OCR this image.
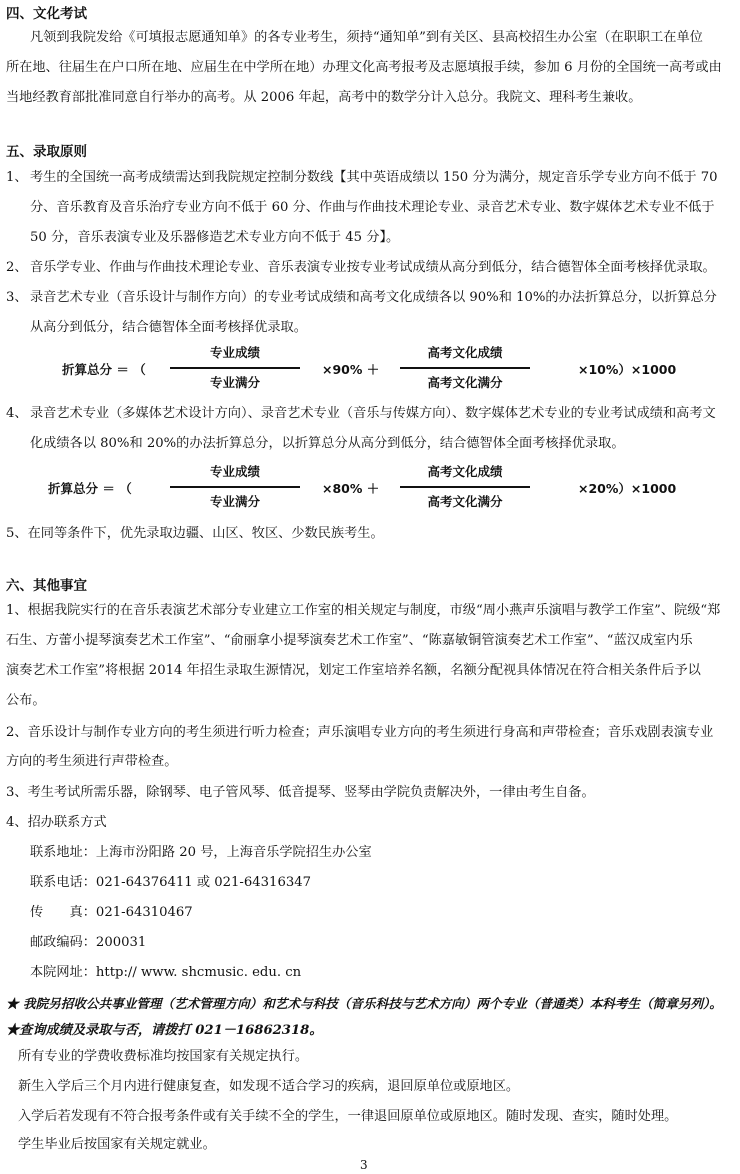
四、文化考试
凡领到我院发给《可填报志愿通知单》的各专业考生，须持“通知单”到有关区、县高校招生办公室（在职职工在单位
所在地、往届生在户口所在地、应届生在中学所在地）办理文化高考报考及志愿填报手续，参加 6 月份的全国统一高考或由
当地经教育部批准同意自行举办的高考。从 2006 年起，高考中的数学分计入总分。我院文、理科考生兼收。
五、录取原则
1、 考生的全国统一高考成绩需达到我院规定控制分数线【其中英语成绩以 150 分为满分，规定音乐学专业方向不低于 70
分、音乐教育及音乐治疗专业方向不低于 60 分、作曲与作曲技术理论专业、录音艺术专业、数字媒体艺术专业不低于
50 分，音乐表演专业及乐器修造艺术专业方向不低于 45 分】。
2、 音乐学专业、作曲与作曲技术理论专业、音乐表演专业按专业考试成绩从高分到低分，结合德智体全面考核择优录取。
3、 录音艺术专业（音乐设计与制作方向）的专业考试成绩和高考文化成绩各以 90%和 10%的办法折算总分，以折算总分
从高分到低分，结合德智体全面考核择优录取。
折算总分 ＝ （
专业成绩
专业满分
×90% ＋
高考文化成绩
高考文化满分
×10%）×1000
4、 录音艺术专业（多媒体艺术设计方向）、录音艺术专业（音乐与传媒方向）、数字媒体艺术专业的专业考试成绩和高考文
化成绩各以 80%和 20%的办法折算总分，以折算总分从高分到低分，结合德智体全面考核择优录取。
折算总分 ＝ （
专业成绩
专业满分
×80% ＋
高考文化成绩
高考文化满分
×20%）×1000
5、在同等条件下，优先录取边疆、山区、牧区、少数民族考生。
六、其他事宜
1、根据我院实行的在音乐表演艺术部分专业建立工作室的相关规定与制度，市级“周小燕声乐演唱与教学工作室”、院级“郑
石生、方蕾小提琴演奏艺术工作室”、“俞丽拿小提琴演奏艺术工作室”、“陈嘉敏铜管演奏艺术工作室”、“蓝汉成室内乐
演奏艺术工作室”将根据 2014 年招生录取生源情况，划定工作室培养名额，名额分配视具体情况在符合相关条件后予以
公布。
2、音乐设计与制作专业方向的考生须进行听力检查；声乐演唱专业方向的考生须进行身高和声带检查；音乐戏剧表演专业
方向的考生须进行声带检查。
3、考生考试所需乐器，除钢琴、电子管风琴、低音提琴、竖琴由学院负责解决外，一律由考生自备。
4、招办联系方式
联系地址：上海市汾阳路 20 号，上海音乐学院招生办公室
联系电话：021-64376411 或 021-64316347
传　　真：021-64310467
邮政编码：200031
本院网址：http:// www. shcmusic. edu. cn
★ 我院另招收公共事业管理（艺术管理方向）和艺术与科技（音乐科技与艺术方向）两个专业（普通类）本科考生（简章另列）。
★查询成绩及录取与否，请拨打 021－16862318。
所有专业的学费收费标准均按国家有关规定执行。
新生入学后三个月内进行健康复查，如发现不适合学习的疾病，退回原单位或原地区。
入学后若发现有不符合报考条件或有关手续不全的学生，一律退回原单位或原地区。随时发现、查实，随时处理。
学生毕业后按国家有关规定就业。
3
